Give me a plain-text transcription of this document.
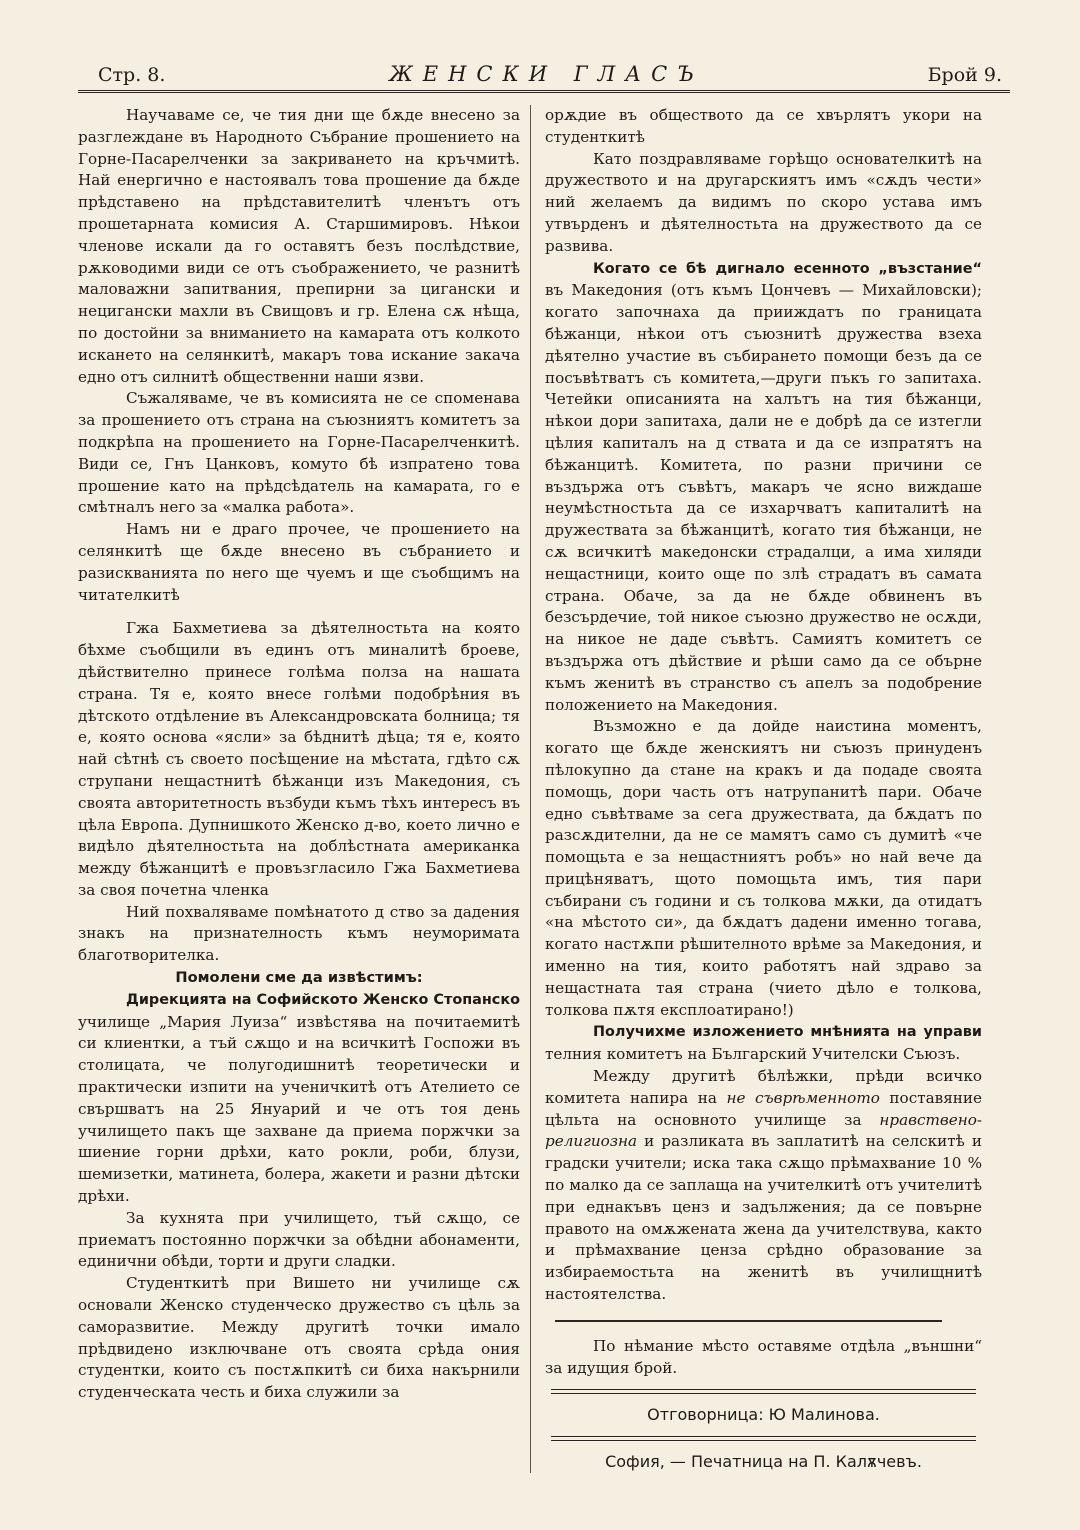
Стр. 8.	ЖЕНСКИ ГЛАСЪ	Брой 9.

Научаваме се, че тия дни ще бѫде внесено за разглеждане въ Народното Събрание прошението на Горне-Пасарелченки за закриването на кръчмитѣ. Най енергично е настоявалъ това прошение да бѫде прѣдставено на прѣдставителитѣ членътъ отъ прошетарната комисия А. Старшимировъ. Нѣкои членове искали да го оставятъ безъ послѣдствие, рѫководими види се отъ съображението, че разнитѣ маловажни запитвания, препирни за цигански и нецигански махли въ Свищовъ и гр. Елена сѫ нѣща, по достойни за вниманието на камарата отъ колкото искането на селянкитѣ, макаръ това искание закача едно отъ силнитѣ общественни наши язви.

Съжаляваме, че въ комисията не се споменава за прошението отъ страна на съюзниятъ комитетъ за подкрѣпа на прошението на Горне-Пасарелченкитѣ. Види се, Гнъ Цанковъ, комуто бѣ изпратено това прошение като на прѣдсѣдатель на камарата, го е смѣтналъ него за «малка работа».

Намъ ни е драго прочее, че прошението на селянкитѣ ще бѫде внесено въ събранието и разискванията по него ще чуемъ и ще съобщимъ на читателкитѣ

Гжа Бахметиева за дѣятелностьта на която бѣхме съобщили въ единъ отъ миналитѣ броеве, дѣйствително принесе голѣма полза на нашата страна. Тя е, която внесе голѣми подобрѣния въ дѣтското отдѣление въ Александровската болница; тя е, която основа «ясли» за бѣднитѣ дѣца; тя е, която най сѣтнѣ съ своето посѣщение на мѣстата, гдѣто сѫ струпани нещастнитѣ бѣжанци изъ Македония, съ своята авторитетность възбуди къмъ тѣхъ интересъ въ цѣла Европа. Дупнишкото Женско д-во, което лично е видѣло дѣятелностьта на доблѣстната американка между бѣжанцитѣ е провъзгласило Гжа Бахметиева за своя почетна членка

Ний похваляваме помѣнатото д ство за дадения знакъ на признателность къмъ неуморимата благотворителка.

Помолени сме да извѣстимъ:

Дирекцията на Софийското Женско Стопанско училище „Мария Луиза“ извѣстява на почитаемитѣ си клиентки, а тъй сѫщо и на всичкитѣ Госпожи въ столицата, че полугодишнитѣ теоретически и практически изпити на ученичкитѣ отъ Ателието се свършватъ на 25 Януарий и че отъ тоя день училището пакъ ще захване да приема поржчки за шиение горни дрѣхи, като рокли, роби, блузи, шемизетки, матинета, болера, жакети и разни дѣтски дрѣхи.

За кухнята при училището, тъй сѫщо, се приематъ постоянно поржчки за обѣдни абонаменти, единични обѣди, торти и други сладки.

Студенткитѣ при Вишето ни училище сѫ основали Женско студенческо дружество съ цѣль за саморазвитие. Между другитѣ точки имало прѣдвидено изключване отъ своята срѣда ония студентки, които съ постѫпкитѣ си биха накърнили студенческата честь и биха служили за

орѫдие въ обществото да се хвърлятъ укори на студенткитѣ

Като поздравляваме горѣщо основателкитѣ на дружеството и на другарскиятъ имъ «сѫдъ чести» ний желаемъ да видимъ по скоро устава имъ утвърденъ и дѣятелностьта на дружеството да се развива.

Когато се бѣ дигнало есенното „възстание“ въ Македония (отъ къмъ Цончевъ — Михайловски); когато започнаха да прииждатъ по границата бѣжанци, нѣкои отъ съюзнитѣ дружества взеха дѣятелно участие въ събирането помощи безъ да се посъвѣтватъ съ комитета,—други пъкъ го запитаха. Четейки описанията на халътъ на тия бѣжанци, нѣкои дори запитаха, дали не е добрѣ да се изтегли цѣлия капиталъ на д ствата и да се изпратятъ на бѣжанцитѣ. Комитета, по разни причини се въздържа отъ съвѣтъ, макаръ че ясно виждаше неумѣстностьта да се изхарчватъ капиталитѣ на дружествата за бѣжанцитѣ, когато тия бѣжанци, не сѫ всичкитѣ македонски страдалци, а има хиляди нещастници, които още по злѣ страдатъ въ самата страна. Обаче, за да не бѫде обвиненъ въ безсърдечие, той никое съюзно дружество не осѫди, на никое не даде съвѣтъ. Самиятъ комитетъ се въздържа отъ дѣйствие и рѣши само да се обърне къмъ женитѣ въ странство съ апелъ за подобрение положението на Македония.

Възможно е да дойде наистина моментъ, когато ще бѫде женскиятъ ни съюзъ принуденъ пѣлокупно да стане на кракъ и да подаде своята помощь, дори часть отъ натрупанитѣ пари. Обаче едно съвѣтваме за сега дружествата, да бѫдатъ по разсѫдителни, да не се мамятъ само съ думитѣ «че помощьта е за нещастниятъ робъ» но най вече да прицѣняватъ, щото помощьта имъ, тия пари събирани съ години и съ толкова мѫки, да отидатъ «на мѣстото си», да бѫдатъ дадени именно тогава, когато настѫпи рѣшителното врѣме за Македония, и именно на тия, които работятъ най здраво за нещастната тая страна (чието дѣло е толкова, толкова пѫтя експлоатирано!)

Получихме изложението мнѣнията на управи телния комитетъ на Българский Учителски Съюзъ.

Между другитѣ бѣлѣжки, прѣди всичко комитета напира на не съврѣменното поставяние цѣльта на основното училище за нравствено-религиозна и разликата въ заплатитѣ на селскитѣ и градски учители; иска така сѫщо прѣмахвание 10 % по малко да се заплаща на учителкитѣ отъ учителитѣ при еднакъвъ ценз и задължения; да се повърне правото на омѫжената жена да учителствува, както и прѣмахвание ценза срѣдно образование за избираемостьта на женитѣ въ училищнитѣ настоятелства.

По нѣмание мѣсто оставяме отдѣла „външни“ за идущия брой.

Отговорница: Ю Малинова.

София, — Печатница на П. Калѫчевъ.
